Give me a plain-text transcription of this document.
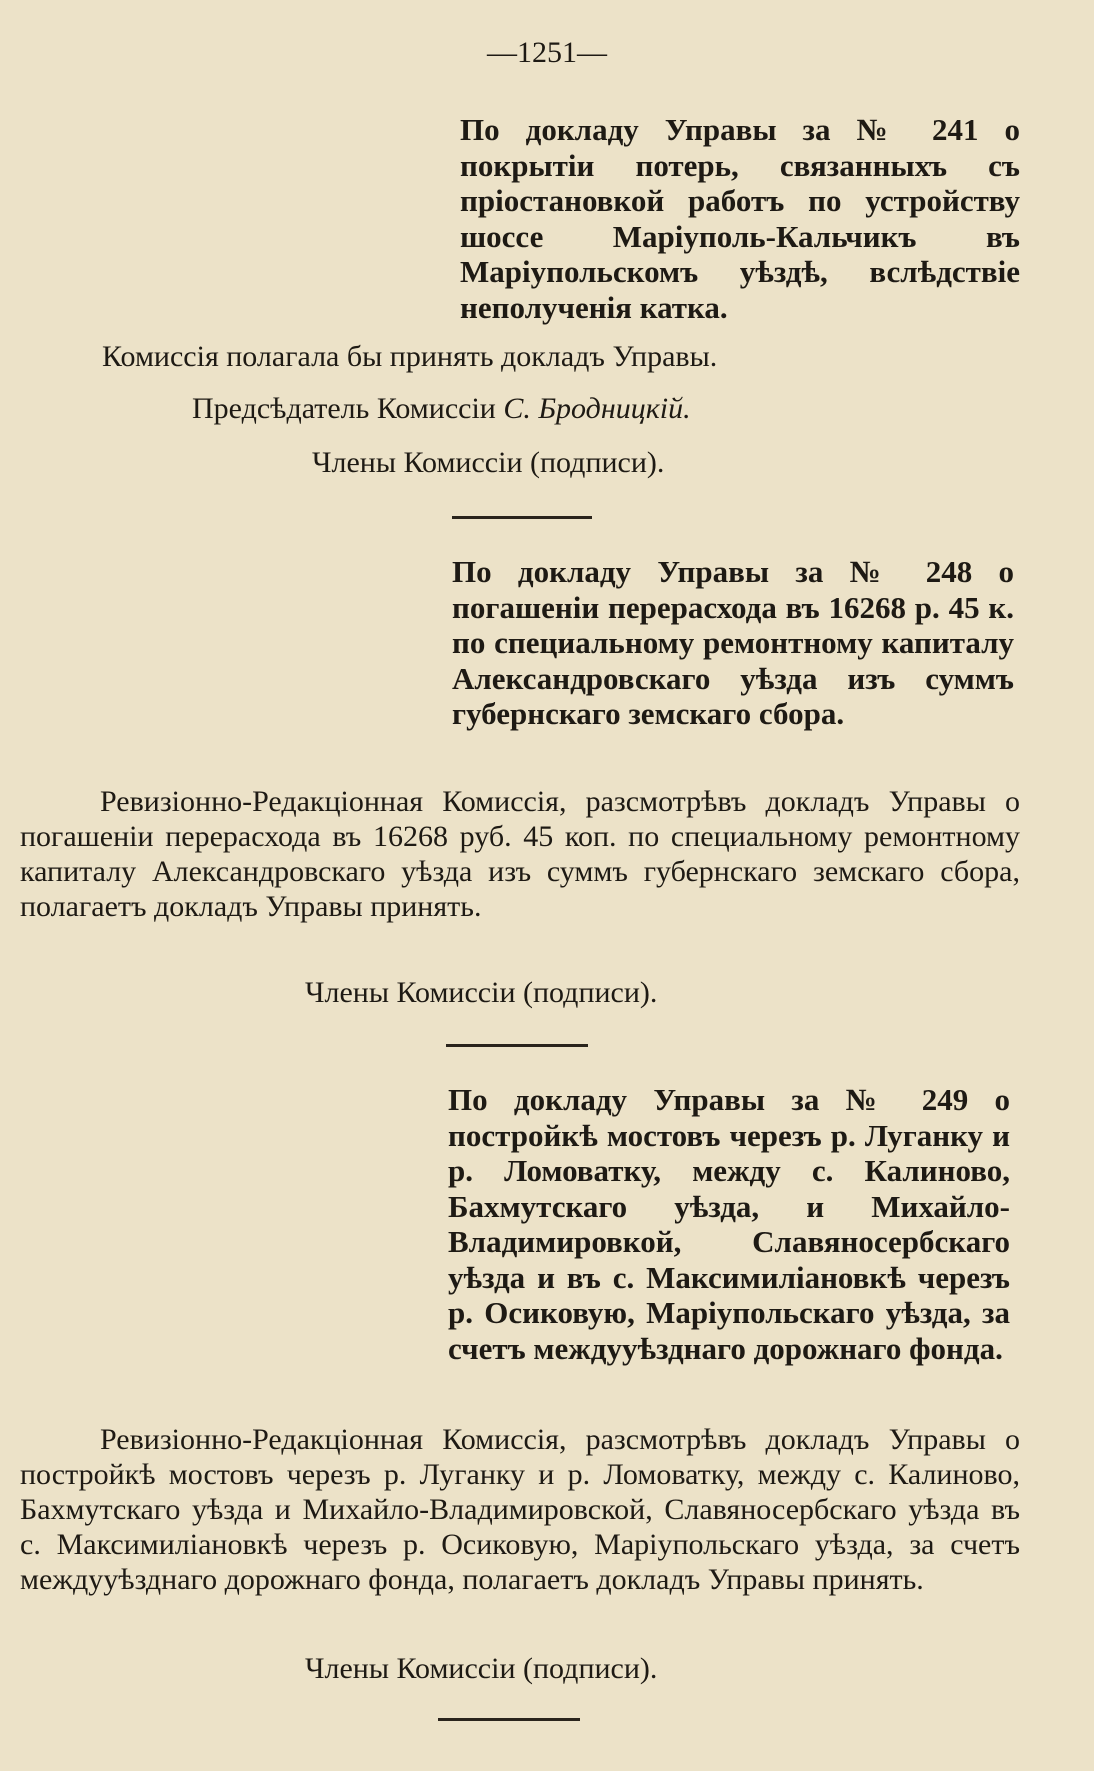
—1251—

По докладу Управы за № 241 о покрытіи потерь, связанныхъ съ пріостановкой работъ по устройству шоссе Маріуполь-Кальчикъ въ Маріупольскомъ уѣздѣ, вслѣдствіе неполученія катка.

Комиссія полагала бы принять докладъ Управы.
Предсѣдатель Комиссіи С. Бродницкій.
Члены Комиссіи (подписи).

По докладу Управы за № 248 о погашеніи перерасхода въ 16268 р. 45 к. по специальному ремонтному капиталу Александровскаго уѣзда изъ суммъ губернскаго земскаго сбора.

Ревизіонно-Редакціонная Комиссія, разсмотрѣвъ докладъ Управы о погашеніи перерасхода въ 16268 руб. 45 коп. по специальному ремонтному капиталу Александровскаго уѣзда изъ суммъ губернскаго земскаго сбора, полагаетъ докладъ Управы принять.

Члены Комиссіи (подписи).

По докладу Управы за № 249 о постройкѣ мостовъ черезъ р. Луганку и р. Ломоватку, между с. Калиново, Бахмутскаго уѣзда, и Михайло-Владимировкой, Славяносербскаго уѣзда и въ с. Максимиліановкѣ черезъ р. Осиковую, Маріупольскаго уѣзда, за счетъ междууѣзднаго дорожнаго фонда.

Ревизіонно-Редакціонная Комиссія, разсмотрѣвъ докладъ Управы о постройкѣ мостовъ черезъ р. Луганку и р. Ломоватку, между с. Калиново, Бахмутскаго уѣзда и Михайло-Владимировской, Славяносербскаго уѣзда въ с. Максимиліановкѣ черезъ р. Осиковую, Маріупольскаго уѣзда, за счетъ междууѣзднаго дорожнаго фонда, полагаетъ докладъ Управы принять.

Члены Комиссіи (подписи).
